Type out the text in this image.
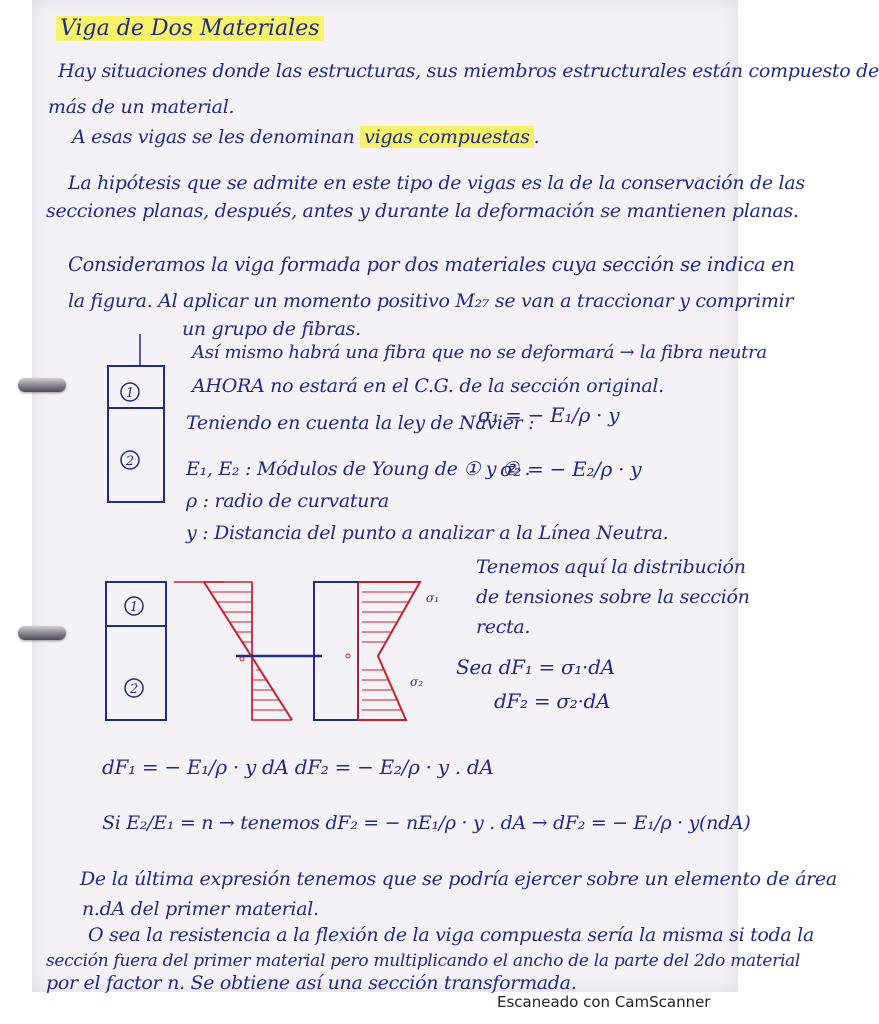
Viga de Dos Materiales
Hay situaciones donde las estructuras, sus miembros estructurales están compuesto de
más de un material.
A esas vigas se les denominan vigas compuestas .
La hipótesis que se admite en este tipo de vigas es la de la conservación de las
secciones planas, después, antes y durante la deformación se mantienen planas.
Consideramos la viga formada por dos materiales cuya sección se indica en
la figura. Al aplicar un momento positivo M₂₇ se van a traccionar y comprimir
un grupo de fibras.
Así mismo habrá una fibra que no se deformará → la fibra neutra
AHORA no estará en el C.G. de la sección original.
Teniendo en cuenta la ley de Navier :
σ₁ = − E₁/ρ · y
E₁, E₂ : Módulos de Young de ① y ② .
σ₂ = − E₂/ρ · y
ρ : radio de curvatura
y : Distancia del punto a analizar a la Línea Neutra.
Tenemos aquí la distribución
de tensiones sobre la sección
recta.
Sea dF₁ = σ₁·dA
dF₂ = σ₂·dA
dF₁ = − E₁/ρ · y dA dF₂ = − E₂/ρ · y . dA
Si E₂/E₁ = n → tenemos dF₂ = − nE₁/ρ · y . dA → dF₂ = − E₁/ρ · y(ndA)
De la última expresión tenemos que se podría ejercer sobre un elemento de área
n.dA del primer material.
O sea la resistencia a la flexión de la viga compuesta sería la misma si toda la
sección fuera del primer material pero multiplicando el ancho de la parte del 2do material
por el factor n. Se obtiene así una sección transformada.
1
2
1
2
σ₁
σ₂
Escaneado con CamScanner
